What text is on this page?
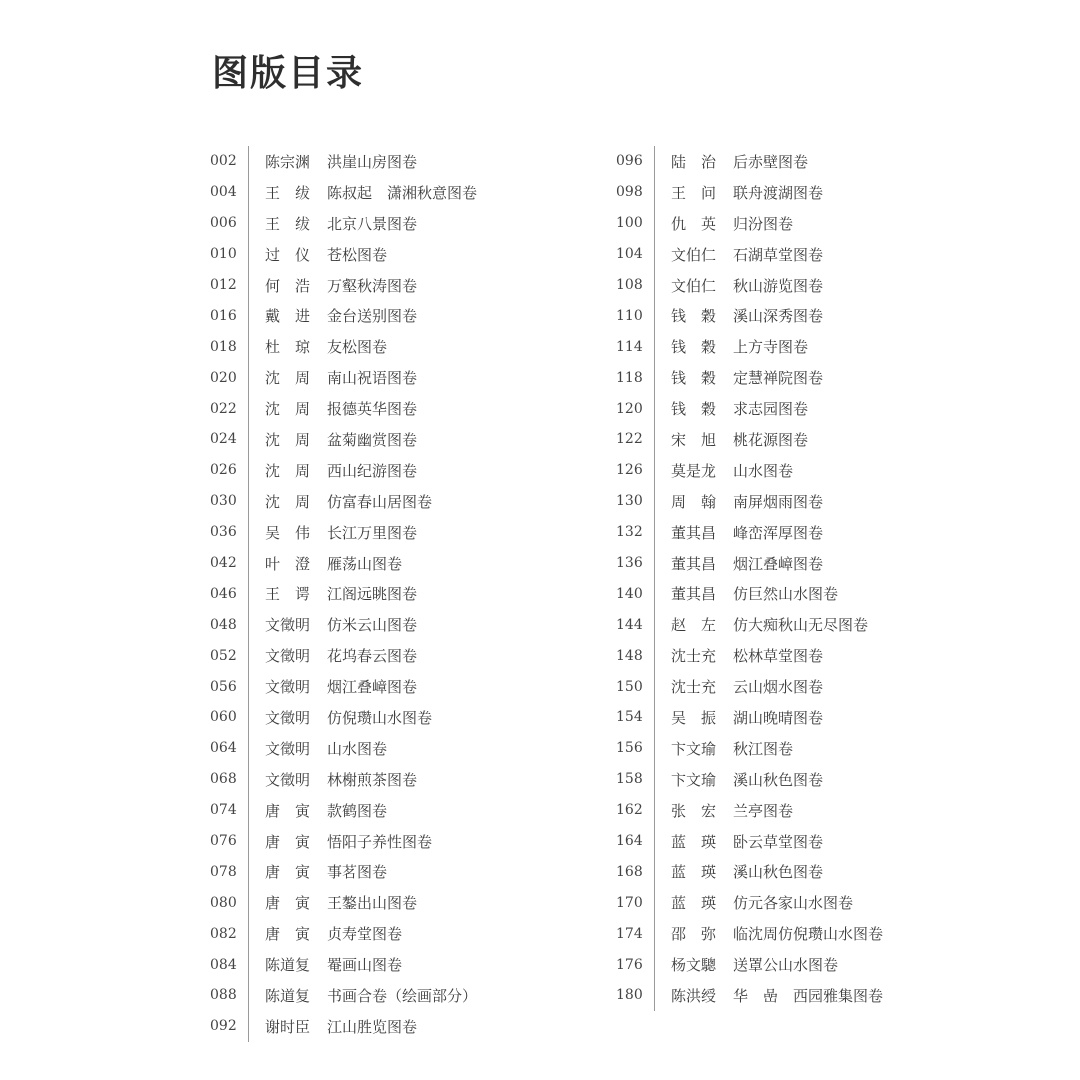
图版目录
002	陈宗渊	洪崖山房图卷
004	王　绂	陈叔起　潇湘秋意图卷
006	王　绂	北京八景图卷
010	过　仪	苍松图卷
012	何　浩	万壑秋涛图卷
016	戴　进	金台送别图卷
018	杜　琼	友松图卷
020	沈　周	南山祝语图卷
022	沈　周	报德英华图卷
024	沈　周	盆菊幽赏图卷
026	沈　周	西山纪游图卷
030	沈　周	仿富春山居图卷
036	吴　伟	长江万里图卷
042	叶　澄	雁荡山图卷
046	王　谔	江阁远眺图卷
048	文徵明	仿米云山图卷
052	文徵明	花坞春云图卷
056	文徵明	烟江叠嶂图卷
060	文徵明	仿倪瓒山水图卷
064	文徵明	山水图卷
068	文徵明	林榭煎茶图卷
074	唐　寅	款鹤图卷
076	唐　寅	悟阳子养性图卷
078	唐　寅	事茗图卷
080	唐　寅	王鏊出山图卷
082	唐　寅	贞寿堂图卷
084	陈道复	罨画山图卷
088	陈道复	书画合卷（绘画部分）
092	谢时臣	江山胜览图卷
096	陆　治	后赤壁图卷
098	王　问	联舟渡湖图卷
100	仇　英	归汾图卷
104	文伯仁	石湖草堂图卷
108	文伯仁	秋山游览图卷
110	钱　穀	溪山深秀图卷
114	钱　穀	上方寺图卷
118	钱　穀	定慧禅院图卷
120	钱　穀	求志园图卷
122	宋　旭	桃花源图卷
126	莫是龙	山水图卷
130	周　翰	南屏烟雨图卷
132	董其昌	峰峦浑厚图卷
136	董其昌	烟江叠嶂图卷
140	董其昌	仿巨然山水图卷
144	赵　左	仿大痴秋山无尽图卷
148	沈士充	松林草堂图卷
150	沈士充	云山烟水图卷
154	吴　振	湖山晚晴图卷
156	卞文瑜	秋江图卷
158	卞文瑜	溪山秋色图卷
162	张　宏	兰亭图卷
164	蓝　瑛	卧云草堂图卷
168	蓝　瑛	溪山秋色图卷
170	蓝　瑛	仿元各家山水图卷
174	邵　弥	临沈周仿倪瓒山水图卷
176	杨文驄	送罩公山水图卷
180	陈洪绶	华　嵒　西园雅集图卷
